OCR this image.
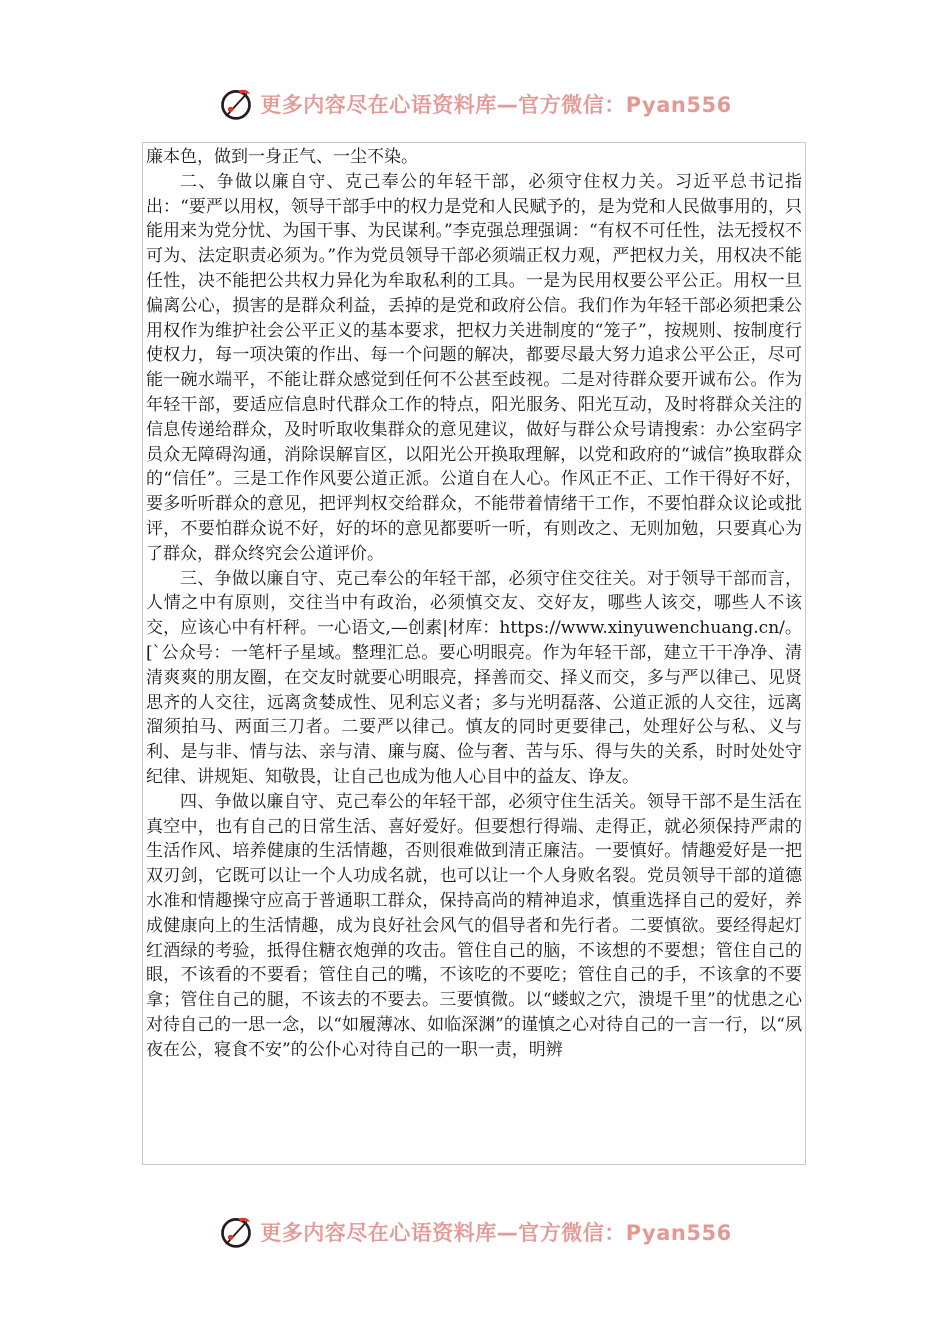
更多内容尽在心语资料库—官方微信：Pyan556

廉本色，做到一身正气、一尘不染。

二、争做以廉自守、克己奉公的年轻干部，必须守住权力关。习近平总书记指出：“要严以用权，领导干部手中的权力是党和人民赋予的，是为党和人民做事用的，只能用来为党分忧、为国干事、为民谋利。”李克强总理强调：“有权不可任性，法无授权不可为、法定职责必须为。”作为党员领导干部必须端正权力观，严把权力关，用权决不能任性，决不能把公共权力异化为牟取私利的工具。一是为民用权要公平公正。用权一旦偏离公心，损害的是群众利益，丢掉的是党和政府公信。我们作为年轻干部必须把秉公用权作为维护社会公平正义的基本要求，把权力关进制度的“笼子”，按规则、按制度行使权力，每一项决策的作出、每一个问题的解决，都要尽最大努力追求公平公正，尽可能一碗水端平，不能让群众感觉到任何不公甚至歧视。二是对待群众要开诚布公。作为年轻干部，要适应信息时代群众工作的特点，阳光服务、阳光互动，及时将群众关注的信息传递给群众，及时听取收集群众的意见建议，做好与群公众号请搜索：办公室码字员众无障碍沟通，消除误解盲区，以阳光公开换取理解，以党和政府的“诚信”换取群众的“信任”。三是工作作风要公道正派。公道自在人心。作风正不正、工作干得好不好，要多听听群众的意见，把评判权交给群众，不能带着情绪干工作，不要怕群众议论或批评，不要怕群众说不好，好的坏的意见都要听一听，有则改之、无则加勉，只要真心为了群众，群众终究会公道评价。

三、争做以廉自守、克己奉公的年轻干部，必须守住交往关。对于领导干部而言，人情之中有原则，交往当中有政治，必须慎交友、交好友，哪些人该交，哪些人不该交，应该心中有杆秤。一心语文,—创素|材库：https://www.xinyuwenchuang.cn/。[`公众号：一笔杆子星域。整理汇总。要心明眼亮。作为年轻干部，建立干干净净、清清爽爽的朋友圈，在交友时就要心明眼亮，择善而交、择义而交，多与严以律己、见贤思齐的人交往，远离贪婪成性、见利忘义者；多与光明磊落、公道正派的人交往，远离溜须拍马、两面三刀者。二要严以律己。慎友的同时更要律己，处理好公与私、义与利、是与非、情与法、亲与清、廉与腐、俭与奢、苦与乐、得与失的关系，时时处处守纪律、讲规矩、知敬畏，让自己也成为他人心目中的益友、诤友。

四、争做以廉自守、克己奉公的年轻干部，必须守住生活关。领导干部不是生活在真空中，也有自己的日常生活、喜好爱好。但要想行得端、走得正，就必须保持严肃的生活作风、培养健康的生活情趣，否则很难做到清正廉洁。一要慎好。情趣爱好是一把双刃剑，它既可以让一个人功成名就，也可以让一个人身败名裂。党员领导干部的道德水准和情趣操守应高于普通职工群众，保持高尚的精神追求，慎重选择自己的爱好，养成健康向上的生活情趣，成为良好社会风气的倡导者和先行者。二要慎欲。要经得起灯红酒绿的考验，抵得住糖衣炮弹的攻击。管住自己的脑，不该想的不要想；管住自己的眼，不该看的不要看；管住自己的嘴，不该吃的不要吃；管住自己的手，不该拿的不要拿；管住自己的腿，不该去的不要去。三要慎微。以“蝼蚁之穴，溃堤千里”的忧患之心对待自己的一思一念，以“如履薄冰、如临深渊”的谨慎之心对待自己的一言一行，以“夙夜在公，寝食不安”的公仆心对待自己的一职一责，明辨

更多内容尽在心语资料库—官方微信：Pyan556
